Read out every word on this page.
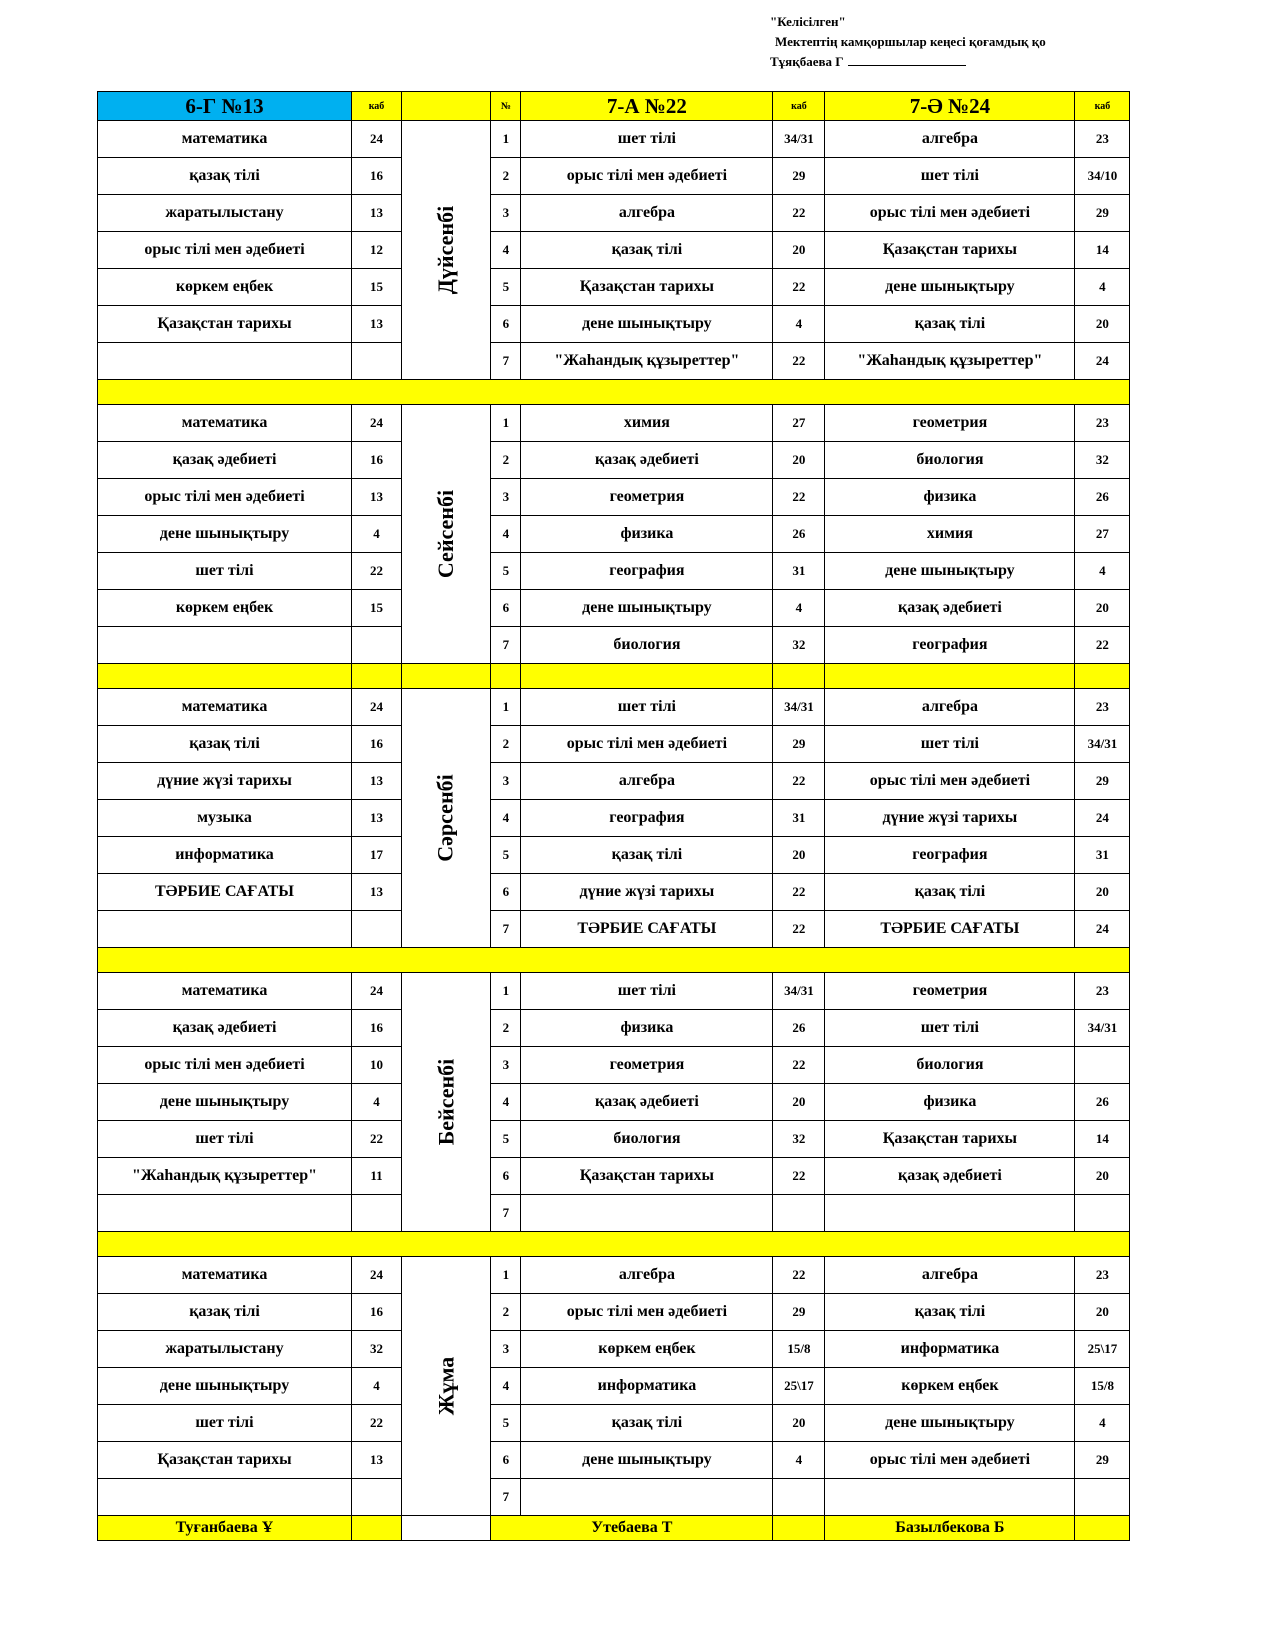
"Келісілген"
Мектептің камқоршылар кеңесі қоғамдық қо
Тұяқбаева Г
6-Г №13	каб		№	7-А №22	каб	7-Ә №24	каб
математика	24	Дүйсенбі	1	шет тілі	34/31	алгебра	23
қазақ тілі	16		2	орыс тілі мен әдебиеті	29	шет тілі	34/10
жаратылыстану	13		3	алгебра	22	орыс тілі мен әдебиеті	29
орыс тілі мен әдебиеті	12		4	қазақ тілі	20	Қазақстан тарихы	14
көркем еңбек	15		5	Қазақстан тарихы	22	дене шынықтыру	4
Қазақстан тарихы	13		6	дене шынықтыру	4	қазақ тілі	20
			7	"Жаһандық құзыреттер"	22	"Жаһандық құзыреттер"	24

математика	24	Сейсенбі	1	химия	27	геометрия	23
қазақ әдебиеті	16		2	қазақ әдебиеті	20	биология	32
орыс тілі мен әдебиеті	13		3	геометрия	22	физика	26
дене шынықтыру	4		4	физика	26	химия	27
шет тілі	22		5	география	31	дене шынықтыру	4
көркем еңбек	15		6	дене шынықтыру	4	қазақ әдебиеті	20
			7	биология	32	география	22

математика	24	Сәрсенбі	1	шет тілі	34/31	алгебра	23
қазақ тілі	16		2	орыс тілі мен әдебиеті	29	шет тілі	34/31
дүние жүзі тарихы	13		3	алгебра	22	орыс тілі мен әдебиеті	29
музыка	13		4	география	31	дүние жүзі тарихы	24
информатика	17		5	қазақ тілі	20	география	31
ТӘРБИЕ САҒАТЫ	13		6	дүние жүзі тарихы	22	қазақ тілі	20
			7	ТӘРБИЕ САҒАТЫ	22	ТӘРБИЕ САҒАТЫ	24

математика	24	Бейсенбі	1	шет тілі	34/31	геометрия	23
қазақ әдебиеті	16		2	физика	26	шет тілі	34/31
орыс тілі мен әдебиеті	10		3	геометрия	22	биология	
дене шынықтыру	4		4	қазақ әдебиеті	20	физика	26
шет тілі	22		5	биология	32	Қазақстан тарихы	14
"Жаһандық құзыреттер"	11		6	Қазақстан тарихы	22	қазақ әдебиеті	20
			7				

математика	24	Жұма	1	алгебра	22	алгебра	23
қазақ тілі	16		2	орыс тілі мен әдебиеті	29	қазақ тілі	20
жаратылыстану	32		3	көркем еңбек	15/8	информатика	25\17
дене шынықтыру	4		4	информатика	25\17	көркем еңбек	15/8
шет тілі	22		5	қазақ тілі	20	дене шынықтыру	4
Қазақстан тарихы	13		6	дене шынықтыру	4	орыс тілі мен әдебиеті	29
			7				
Туғанбаева Ұ			Утебаева Т			Базылбекова Б	
